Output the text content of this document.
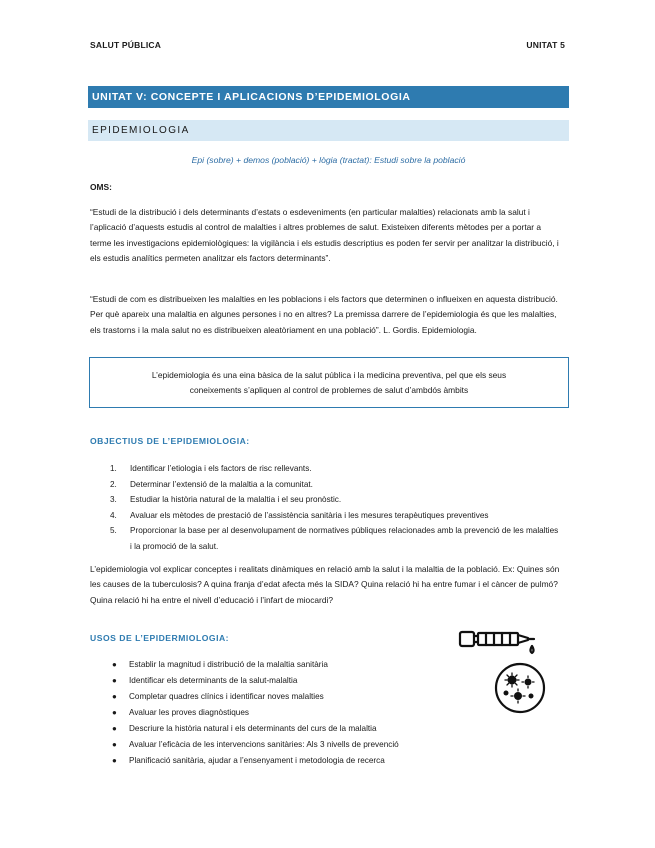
SALUT PÚBLICA	UNITAT 5
UNITAT V: CONCEPTE I APLICACIONS D’EPIDEMIOLOGIA
EPIDEMIOLOGIA
Epi (sobre) + demos (població) + lògia (tractat): Estudi sobre la població
OMS:
“Estudi de la distribució i dels determinants d’estats o esdeveniments (en particular malalties) relacionats amb la salut i l’aplicació d’aquests estudis al control de malalties i altres problemes de salut. Existeixen diferents mètodes per a portar a terme les investigacions epidemiològiques: la vigilància i els estudis descriptius es poden fer servir per analitzar la distribució, i els estudis analítics permeten analitzar els factors determinants”.
“Estudi de com es distribueixen les malalties en les poblacions i els factors que determinen o influeixen en aquesta distribució. Per què apareix una malaltia en algunes persones i no en altres? La premissa darrere de l’epidemiologia és que les malalties, els trastorns i la mala salut no es distribueixen aleatòriament en una població”. L. Gordis. Epidemiologia.
L’epidemiologia és una eina bàsica de la salut pública i la medicina preventiva, pel que els seus coneixements s’apliquen al control de problemes de salut d’ambdós àmbits
OBJECTIUS DE L’EPIDEMIOLOGIA:
1. Identificar l’etiologia i els factors de risc rellevants.
2. Determinar l’extensió de la malaltia a la comunitat.
3. Estudiar la història natural de la malaltia i el seu pronòstic.
4. Avaluar els mètodes de prestació de l’assistència sanitària i les mesures terapèutiques preventives
5. Proporcionar la base per al desenvolupament de normatives públiques relacionades amb la prevenció de les malalties i la promoció de la salut.
L’epidemiologia vol explicar conceptes i realitats dinàmiques en relació amb la salut i la malaltia de la població. Ex: Quines són les causes de la tuberculosis? A quina franja d’edat afecta més la SIDA? Quina relació hi ha entre fumar i el càncer de pulmó? Quina relació hi ha entre el nivell d’educació i l’infart de miocardi?
USOS DE L’EPIDERMIOLOGIA:
● Establir la magnitud i distribució de la malaltia sanitària
● Identificar els determinants de la salut-malaltia
● Completar quadres clínics i identificar noves malalties
● Avaluar les proves diagnòstiques
● Descriure la història natural i els determinants del curs de la malaltia
● Avaluar l’eficàcia de les intervencions sanitàries: Als 3 nivells de prevenció
● Planificació sanitària, ajudar a l’ensenyament i metodologia de recerca
